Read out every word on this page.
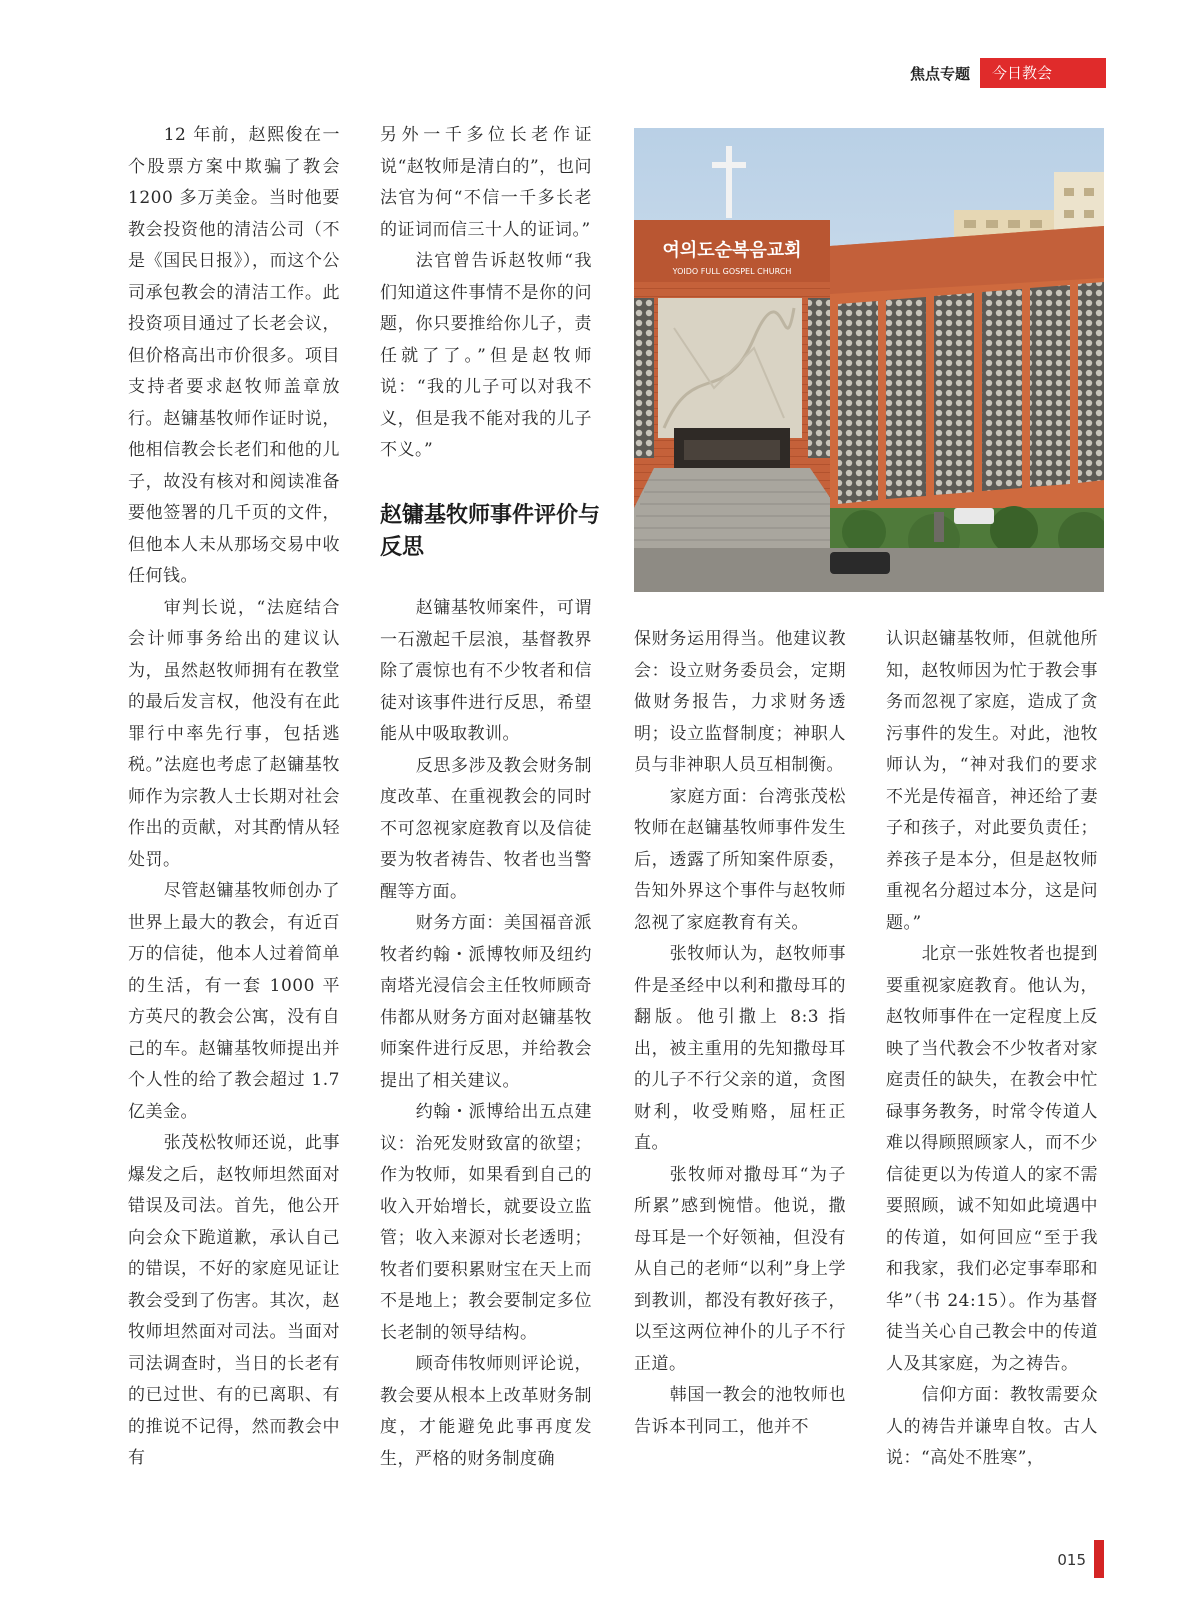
焦点专题	今日教会

12 年前，赵熙俊在一个股票方案中欺骗了教会 1200 多万美金。当时他要教会投资他的清洁公司（不是《国民日报》），而这个公司承包教会的清洁工作。此投资项目通过了长老会议，但价格高出市价很多。项目支持者要求赵牧师盖章放行。赵镛基牧师作证时说，他相信教会长老们和他的儿子，故没有核对和阅读准备要他签署的几千页的文件，但他本人未从那场交易中收任何钱。

审判长说，“法庭结合会计师事务给出的建议认为，虽然赵牧师拥有在教堂的最后发言权，他没有在此罪行中率先行事，包括逃税。”法庭也考虑了赵镛基牧师作为宗教人士长期对社会作出的贡献，对其酌情从轻处罚。

尽管赵镛基牧师创办了世界上最大的教会，有近百万的信徒，他本人过着简单的生活，有一套 1000 平方英尺的教会公寓，没有自己的车。赵镛基牧师提出并个人性的给了教会超过 1.7 亿美金。

张茂松牧师还说，此事爆发之后，赵牧师坦然面对错误及司法。首先，他公开向会众下跪道歉，承认自己的错误，不好的家庭见证让教会受到了伤害。其次，赵牧师坦然面对司法。当面对司法调查时，当日的长老有的已过世、有的已离职、有的推说不记得，然而教会中有

另外一千多位长老作证说“赵牧师是清白的”，也问法官为何“不信一千多长老的证词而信三十人的证词。”

法官曾告诉赵牧师“我们知道这件事情不是你的问题，你只要推给你儿子，责任就了了。”但是赵牧师说：“我的儿子可以对我不义，但是我不能对我的儿子不义。”

赵镛基牧师事件评价与反思

赵镛基牧师案件，可谓一石激起千层浪，基督教界除了震惊也有不少牧者和信徒对该事件进行反思，希望能从中吸取教训。

反思多涉及教会财务制度改革、在重视教会的同时不可忽视家庭教育以及信徒要为牧者祷告、牧者也当警醒等方面。

财务方面：美国福音派牧者约翰・派博牧师及纽约南塔光浸信会主任牧师顾奇伟都从财务方面对赵镛基牧师案件进行反思，并给教会提出了相关建议。

约翰・派博给出五点建议：治死发财致富的欲望；作为牧师，如果看到自己的收入开始增长，就要设立监管；收入来源对长老透明；牧者们要积累财宝在天上而不是地上；教会要制定多位长老制的领导结构。

顾奇伟牧师则评论说，教会要从根本上改革财务制度，才能避免此事再度发生，严格的财务制度确

여의도순복음교회
YOIDO FULL GOSPEL CHURCH

保财务运用得当。他建议教会：设立财务委员会，定期做财务报告，力求财务透明；设立监督制度；神职人员与非神职人员互相制衡。

家庭方面：台湾张茂松牧师在赵镛基牧师事件发生后，透露了所知案件原委，告知外界这个事件与赵牧师忽视了家庭教育有关。

张牧师认为，赵牧师事件是圣经中以利和撒母耳的翻版。他引撒上 8:3 指出，被主重用的先知撒母耳的儿子不行父亲的道，贪图财利，收受贿赂，屈枉正直。

张牧师对撒母耳“为子所累”感到惋惜。他说，撒母耳是一个好领袖，但没有从自己的老师“以利”身上学到教训，都没有教好孩子，以至这两位神仆的儿子不行正道。

韩国一教会的池牧师也告诉本刊同工，他并不

认识赵镛基牧师，但就他所知，赵牧师因为忙于教会事务而忽视了家庭，造成了贪污事件的发生。对此，池牧师认为，“神对我们的要求不光是传福音，神还给了妻子和孩子，对此要负责任；养孩子是本分，但是赵牧师重视名分超过本分，这是问题。”

北京一张姓牧者也提到要重视家庭教育。他认为，赵牧师事件在一定程度上反映了当代教会不少牧者对家庭责任的缺失，在教会中忙碌事务教务，时常令传道人难以得顾照顾家人，而不少信徒更以为传道人的家不需要照顾，诚不知如此境遇中的传道，如何回应“至于我和我家，我们必定事奉耶和华”（书 24:15）。作为基督徒当关心自己教会中的传道人及其家庭，为之祷告。

信仰方面：教牧需要众人的祷告并谦卑自牧。古人说：“高处不胜寒”，

015
